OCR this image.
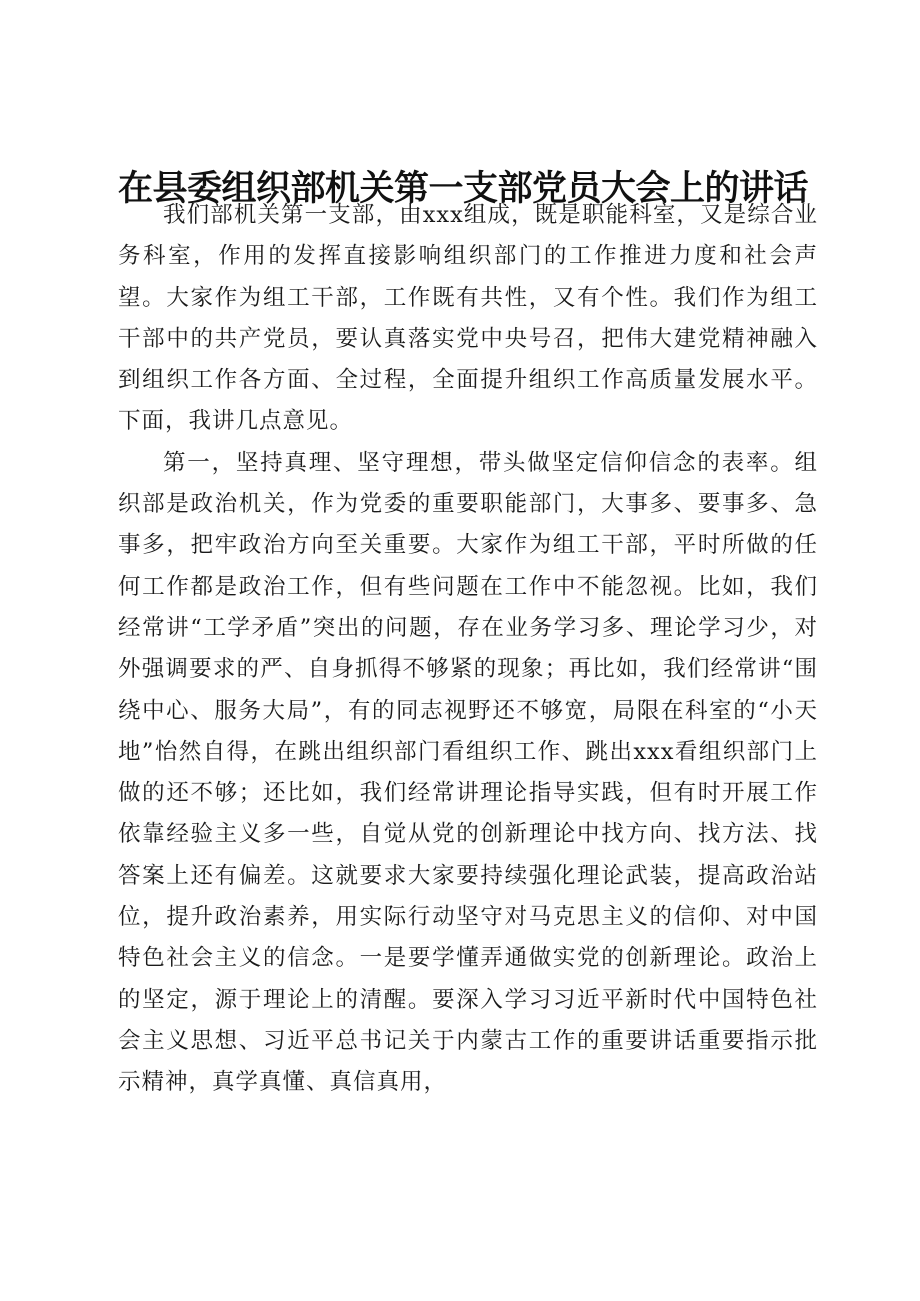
在县委组织部机关第一支部党员大会上的讲话

我们部机关第一支部，由xxx组成，既是职能科室，又是综合业务科室，作用的发挥直接影响组织部门的工作推进力度和社会声望。大家作为组工干部，工作既有共性，又有个性。我们作为组工干部中的共产党员，要认真落实党中央号召，把伟大建党精神融入到组织工作各方面、全过程，全面提升组织工作高质量发展水平。下面，我讲几点意见。

第一，坚持真理、坚守理想，带头做坚定信仰信念的表率。组织部是政治机关，作为党委的重要职能部门，大事多、要事多、急事多，把牢政治方向至关重要。大家作为组工干部，平时所做的任何工作都是政治工作，但有些问题在工作中不能忽视。比如，我们经常讲“工学矛盾”突出的问题，存在业务学习多、理论学习少，对外强调要求的严、自身抓得不够紧的现象；再比如，我们经常讲“围绕中心、服务大局”，有的同志视野还不够宽，局限在科室的“小天地”怡然自得，在跳出组织部门看组织工作、跳出xxx看组织部门上做的还不够；还比如，我们经常讲理论指导实践，但有时开展工作依靠经验主义多一些，自觉从党的创新理论中找方向、找方法、找答案上还有偏差。这就要求大家要持续强化理论武装，提高政治站位，提升政治素养，用实际行动坚守对马克思主义的信仰、对中国特色社会主义的信念。一是要学懂弄通做实党的创新理论。政治上的坚定，源于理论上的清醒。要深入学习习近平新时代中国特色社会主义思想、习近平总书记关于内蒙古工作的重要讲话重要指示批示精神，真学真懂、真信真用，
